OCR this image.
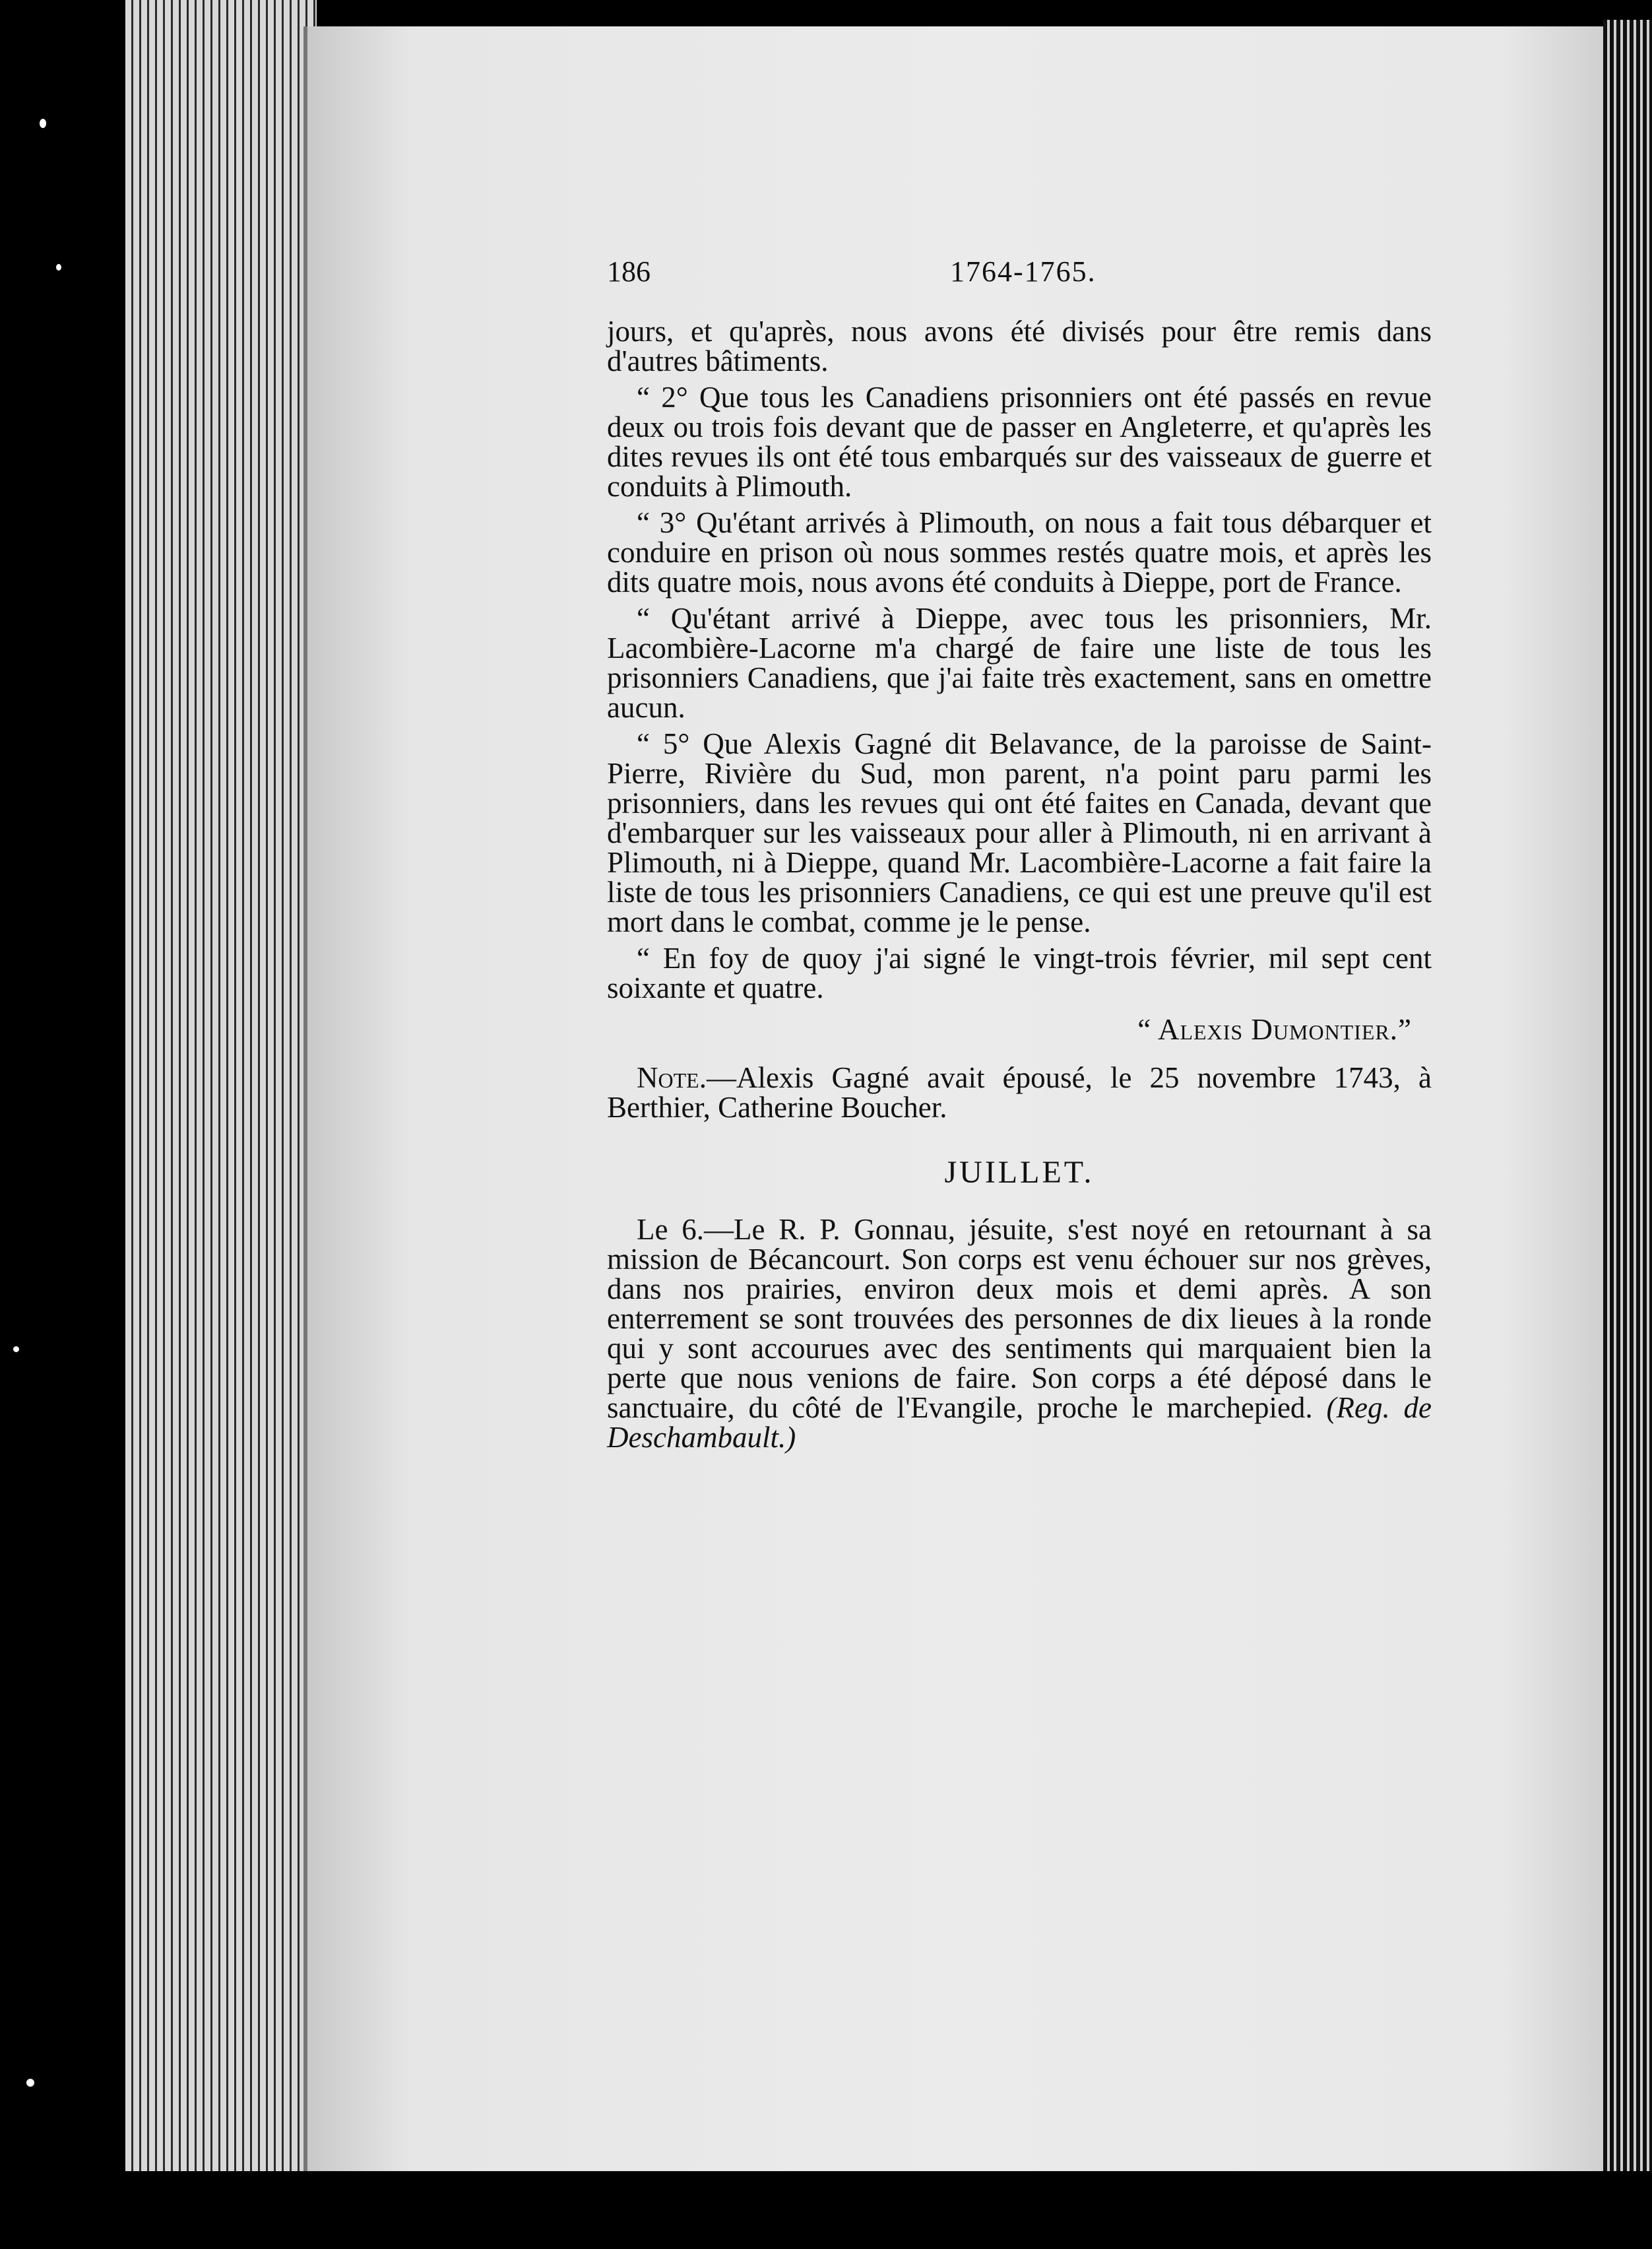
186	1764-1765.

jours, et qu'après, nous avons été divisés pour être remis dans d'autres bâtiments.

“ 2° Que tous les Canadiens prisonniers ont été passés en revue deux ou trois fois devant que de passer en Angleterre, et qu'après les dites revues ils ont été tous embarqués sur des vaisseaux de guerre et conduits à Plimouth.

“ 3° Qu'étant arrivés à Plimouth, on nous a fait tous débarquer et conduire en prison où nous sommes restés quatre mois, et après les dits quatre mois, nous avons été conduits à Dieppe, port de France.

“ Qu'étant arrivé à Dieppe, avec tous les prisonniers, Mr. Lacombière-Lacorne m'a chargé de faire une liste de tous les prisonniers Canadiens, que j'ai faite très exactement, sans en omettre aucun.

“ 5° Que Alexis Gagné dit Belavance, de la paroisse de Saint-Pierre, Rivière du Sud, mon parent, n'a point paru parmi les prisonniers, dans les revues qui ont été faites en Canada, devant que d'embarquer sur les vaisseaux pour aller à Plimouth, ni en arrivant à Plimouth, ni à Dieppe, quand Mr. Lacombière-Lacorne a fait faire la liste de tous les prisonniers Canadiens, ce qui est une preuve qu'il est mort dans le combat, comme je le pense.

“ En foy de quoy j'ai signé le vingt-trois février, mil sept cent soixante et quatre.

“ Alexis Dumontier.”

Note.—Alexis Gagné avait épousé, le 25 novembre 1743, à Berthier, Catherine Boucher.

JUILLET.

Le 6.—Le R. P. Gonnau, jésuite, s'est noyé en retournant à sa mission de Bécancourt. Son corps est venu échouer sur nos grèves, dans nos prairies, environ deux mois et demi après. A son enterrement se sont trouvées des personnes de dix lieues à la ronde qui y sont accourues avec des sentiments qui marquaient bien la perte que nous venions de faire. Son corps a été déposé dans le sanctuaire, du côté de l'Evangile, proche le marchepied. (Reg. de Deschambault.)
